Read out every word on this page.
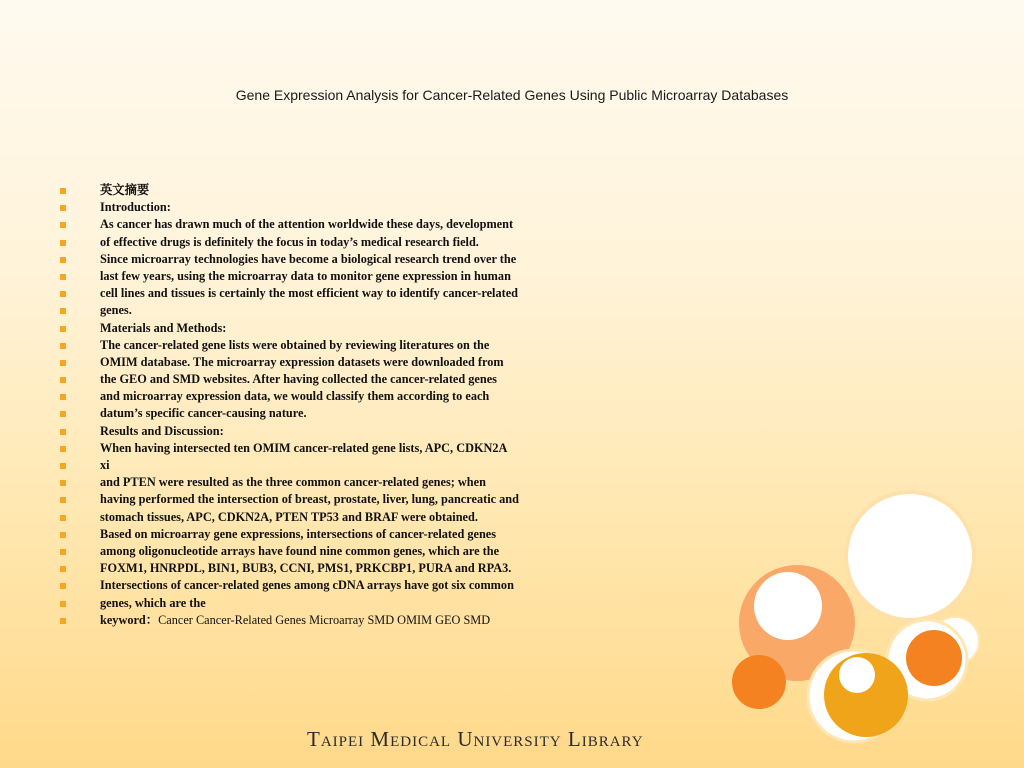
Gene Expression Analysis for Cancer-Related Genes Using Public Microarray Databases
英文摘要
Introduction:
As cancer has drawn much of the attention worldwide these days, development
of effective drugs is definitely the focus in today’s medical research field.
Since microarray technologies have become a biological research trend over the
last few years, using the microarray data to monitor gene expression in human
cell lines and tissues is certainly the most efficient way to identify cancer-related
genes.
Materials and Methods:
The cancer-related gene lists were obtained by reviewing literatures on the
OMIM database. The microarray expression datasets were downloaded from
the GEO and SMD websites. After having collected the cancer-related genes
and microarray expression data, we would classify them according to each
datum’s specific cancer-causing nature.
Results and Discussion:
When having intersected ten OMIM cancer-related gene lists, APC, CDKN2A
xi
and PTEN were resulted as the three common cancer-related genes; when
having performed the intersection of breast, prostate, liver, lung, pancreatic and
stomach tissues, APC, CDKN2A, PTEN TP53 and BRAF were obtained.
Based on microarray gene expressions, intersections of cancer-related genes
among oligonucleotide arrays have found nine common genes, which are the
FOXM1, HNRPDL, BIN1, BUB3, CCNI, PMS1, PRKCBP1, PURA and RPA3.
Intersections of cancer-related genes among cDNA arrays have got six common
genes, which are the
keyword：Cancer Cancer-Related Genes Microarray SMD OMIM GEO SMD
Taipei Medical University Library
